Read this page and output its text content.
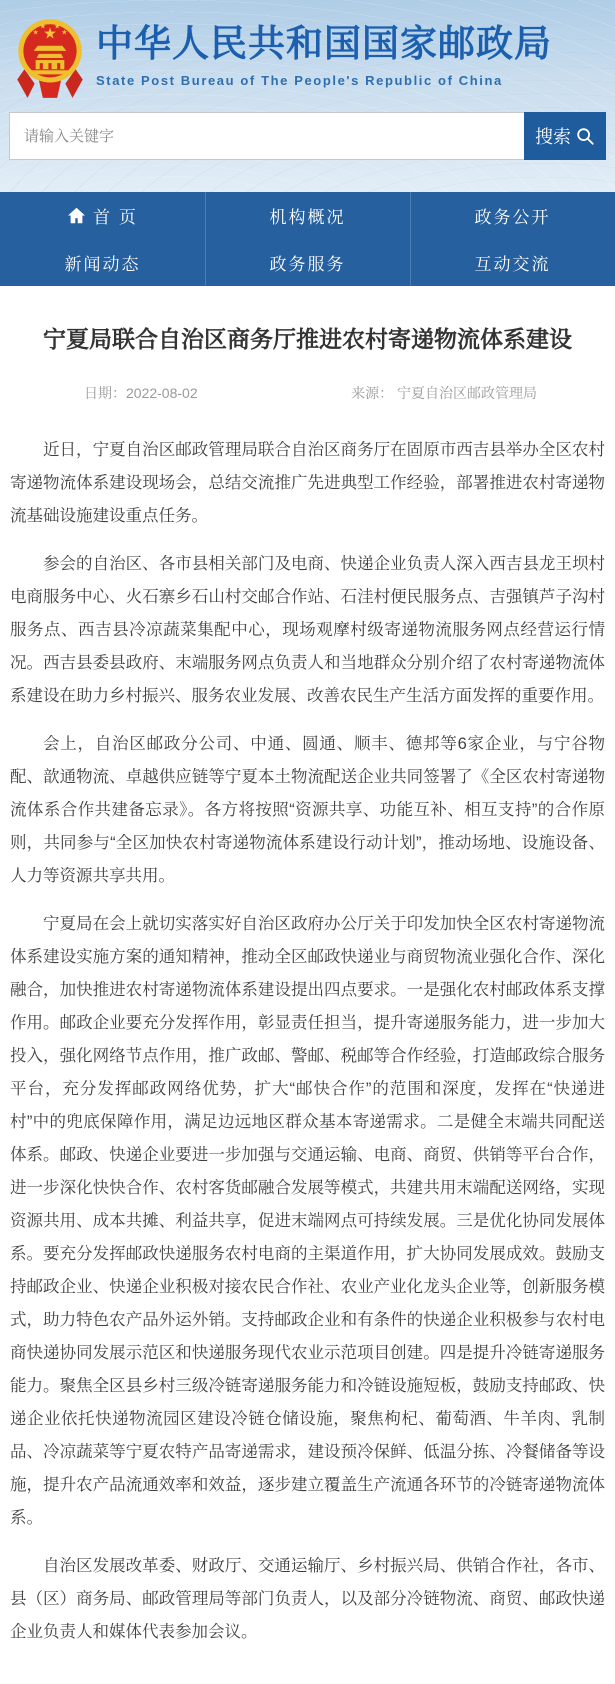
★
★
★ ★
★ 中华人民共和国国家邮政局
State Post Bureau of The People's Republic of China
请输入关键字
搜索
首 页	机构概况	政务公开
新闻动态	政务服务	互动交流
宁夏局联合自治区商务厅推进农村寄递物流体系建设
日期：2022-08-02	来源： 宁夏自治区邮政管理局

近日，宁夏自治区邮政管理局联合自治区商务厅在固原市西吉县举办全区农村寄递物流体系建设现场会，总结交流推广先进典型工作经验，部署推进农村寄递物流基础设施建设重点任务。

参会的自治区、各市县相关部门及电商、快递企业负责人深入西吉县龙王坝村电商服务中心、火石寨乡石山村交邮合作站、石洼村便民服务点、吉强镇芦子沟村服务点、西吉县冷凉蔬菜集配中心，现场观摩村级寄递物流服务网点经营运行情况。西吉县委县政府、末端服务网点负责人和当地群众分别介绍了农村寄递物流体系建设在助力乡村振兴、服务农业发展、改善农民生产生活方面发挥的重要作用。

会上，自治区邮政分公司、中通、圆通、顺丰、德邦等6家企业，与宁谷物配、歆通物流、卓越供应链等宁夏本土物流配送企业共同签署了《全区农村寄递物流体系合作共建备忘录》。各方将按照“资源共享、功能互补、相互支持”的合作原则，共同参与“全区加快农村寄递物流体系建设行动计划”，推动场地、设施设备、人力等资源共享共用。

宁夏局在会上就切实落实好自治区政府办公厅关于印发加快全区农村寄递物流体系建设实施方案的通知精神，推动全区邮政快递业与商贸物流业强化合作、深化融合，加快推进农村寄递物流体系建设提出四点要求。一是强化农村邮政体系支撑作用。邮政企业要充分发挥作用，彰显责任担当，提升寄递服务能力，进一步加大投入，强化网络节点作用，推广政邮、警邮、税邮等合作经验，打造邮政综合服务平台，充分发挥邮政网络优势，扩大“邮快合作”的范围和深度，发挥在“快递进村”中的兜底保障作用，满足边远地区群众基本寄递需求。二是健全末端共同配送体系。邮政、快递企业要进一步加强与交通运输、电商、商贸、供销等平台合作，进一步深化快快合作、农村客货邮融合发展等模式，共建共用末端配送网络，实现资源共用、成本共摊、利益共享，促进末端网点可持续发展。三是优化协同发展体系。要充分发挥邮政快递服务农村电商的主渠道作用，扩大协同发展成效。鼓励支持邮政企业、快递企业积极对接农民合作社、农业产业化龙头企业等，创新服务模式，助力特色农产品外运外销。支持邮政企业和有条件的快递企业积极参与农村电商快递协同发展示范区和快递服务现代农业示范项目创建。四是提升冷链寄递服务能力。聚焦全区县乡村三级冷链寄递服务能力和冷链设施短板，鼓励支持邮政、快递企业依托快递物流园区建设冷链仓储设施，聚焦枸杞、葡萄酒、牛羊肉、乳制品、冷凉蔬菜等宁夏农特产品寄递需求，建设预冷保鲜、低温分拣、冷餐储备等设施，提升农产品流通效率和效益，逐步建立覆盖生产流通各环节的冷链寄递物流体系。

自治区发展改革委、财政厅、交通运输厅、乡村振兴局、供销合作社，各市、县（区）商务局、邮政管理局等部门负责人，以及部分冷链物流、商贸、邮政快递企业负责人和媒体代表参加会议。
